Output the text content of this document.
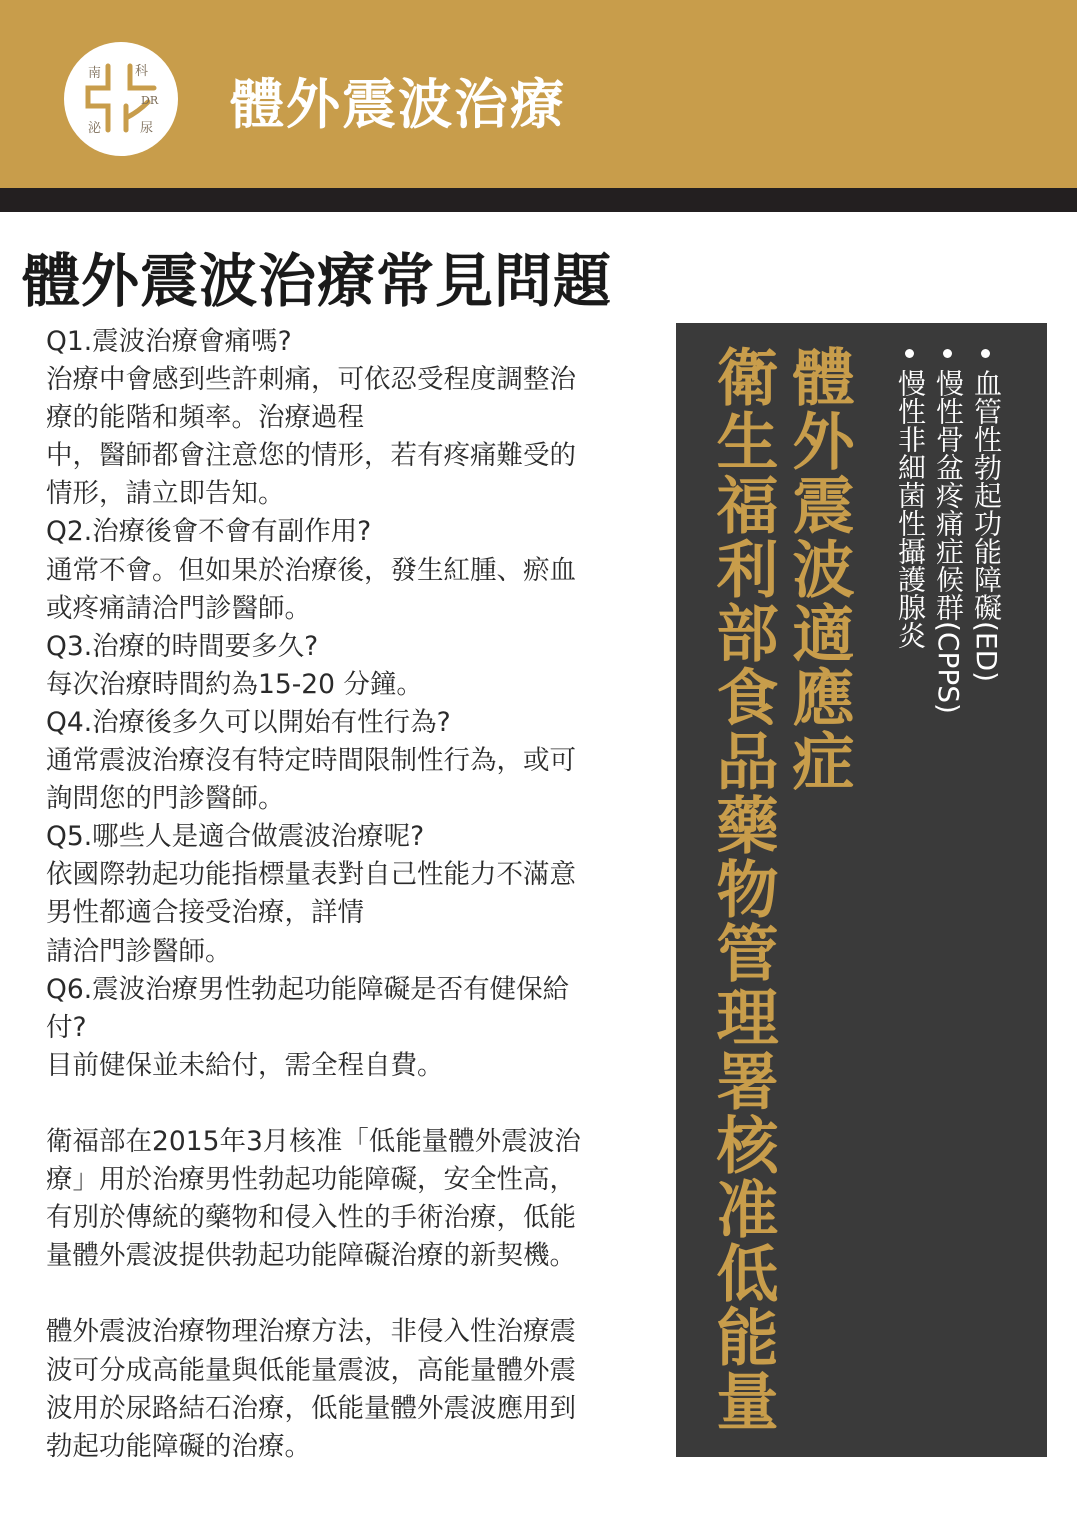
南	科
DR
泌	尿 體外震波治療
體外震波治療常見問題
Q1.震波治療會痛嗎?
治療中會感到些許刺痛，可依忍受程度調整治
療的能階和頻率。治療過程
中，醫師都會注意您的情形，若有疼痛難受的
情形，請立即告知。
Q2.治療後會不會有副作用?
通常不會。但如果於治療後，發生紅腫、瘀血
或疼痛請洽門診醫師。
Q3.治療的時間要多久?
每次治療時間約為15-20 分鐘。
Q4.治療後多久可以開始有性行為?
通常震波治療沒有特定時間限制性行為，或可
詢問您的門診醫師。
Q5.哪些人是適合做震波治療呢?
依國際勃起功能指標量表對自己性能力不滿意
男性都適合接受治療，詳情
請洽門診醫師。
Q6.震波治療男性勃起功能障礙是否有健保給
付?
目前健保並未給付，需全程自費。
衛福部在2015年3月核准「低能量體外震波治
療」用於治療男性勃起功能障礙，安全性高，
有別於傳統的藥物和侵入性的手術治療，低能
量體外震波提供勃起功能障礙治療的新契機。
體外震波治療物理治療方法，非侵入性治療震
波可分成高能量與低能量震波，高能量體外震
波用於尿路結石治療，低能量體外震波應用到
勃起功能障礙的治療。
體外震波適應症
衛生福利部食品藥物管理署核准低能量	血管性勃起功能障礙(ED)
慢性骨盆疼痛症候群(CPPS)
慢性非細菌性攝護腺炎
